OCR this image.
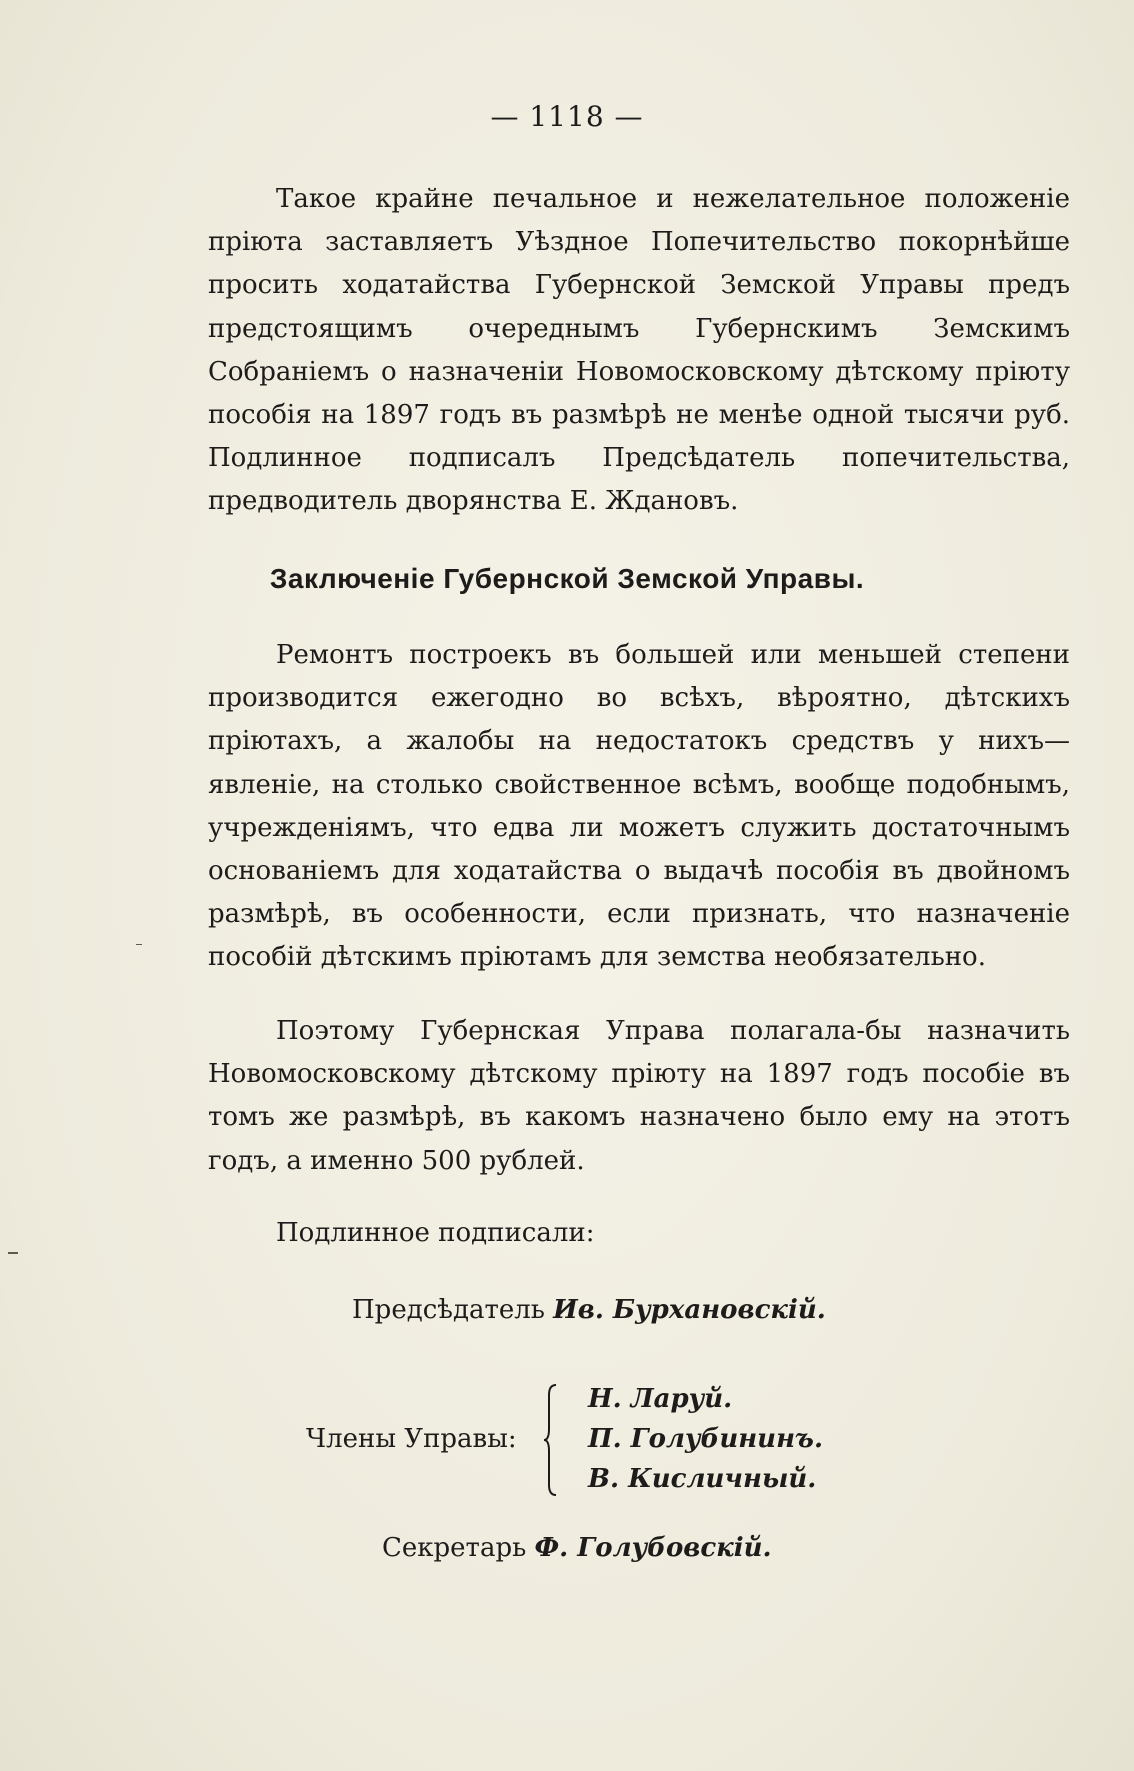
— 1118 —

Такое крайне печальное и нежелательное положеніе пріюта заставляетъ Уѣздное Попечительство покорнѣйше просить ходатайства Губернской Земской Управы предъ предстоящимъ очереднымъ Губернскимъ Земскимъ Собраніемъ о назначеніи Новомосковскому дѣтскому пріюту пособія на 1897 годъ въ размѣрѣ не менѣе одной тысячи руб. Подлинное подписалъ Предсѣдатель попечительства, предводитель дворянства Е. Ждановъ.

Заключеніе Губернской Земской Управы.

Ремонтъ построекъ въ большей или меньшей степени производится ежегодно во всѣхъ, вѣроятно, дѣтскихъ пріютахъ, а жалобы на недостатокъ средствъ у нихъ—явленіе, на столько свойственное всѣмъ, вообще подобнымъ, учрежденіямъ, что едва ли можетъ служить достаточнымъ основаніемъ для ходатайства о выдачѣ пособія въ двойномъ размѣрѣ, въ особенности, если признать, что назначеніе пособій дѣтскимъ пріютамъ для земства необязательно.

Поэтому Губернская Управа полагала-бы назначить Новомосковскому дѣтскому пріюту на 1897 годъ пособіе въ томъ же размѣрѣ, въ какомъ назначено было ему на этотъ годъ, а именно 500 рублей.

Подлинное подписали:
Предсѣдатель Ив. Бурхановскій.
Члены Управы:
Н. Ларуй.
П. Голубининъ.
В. Кисличный.
Секретарь Ф. Голубовскій.
